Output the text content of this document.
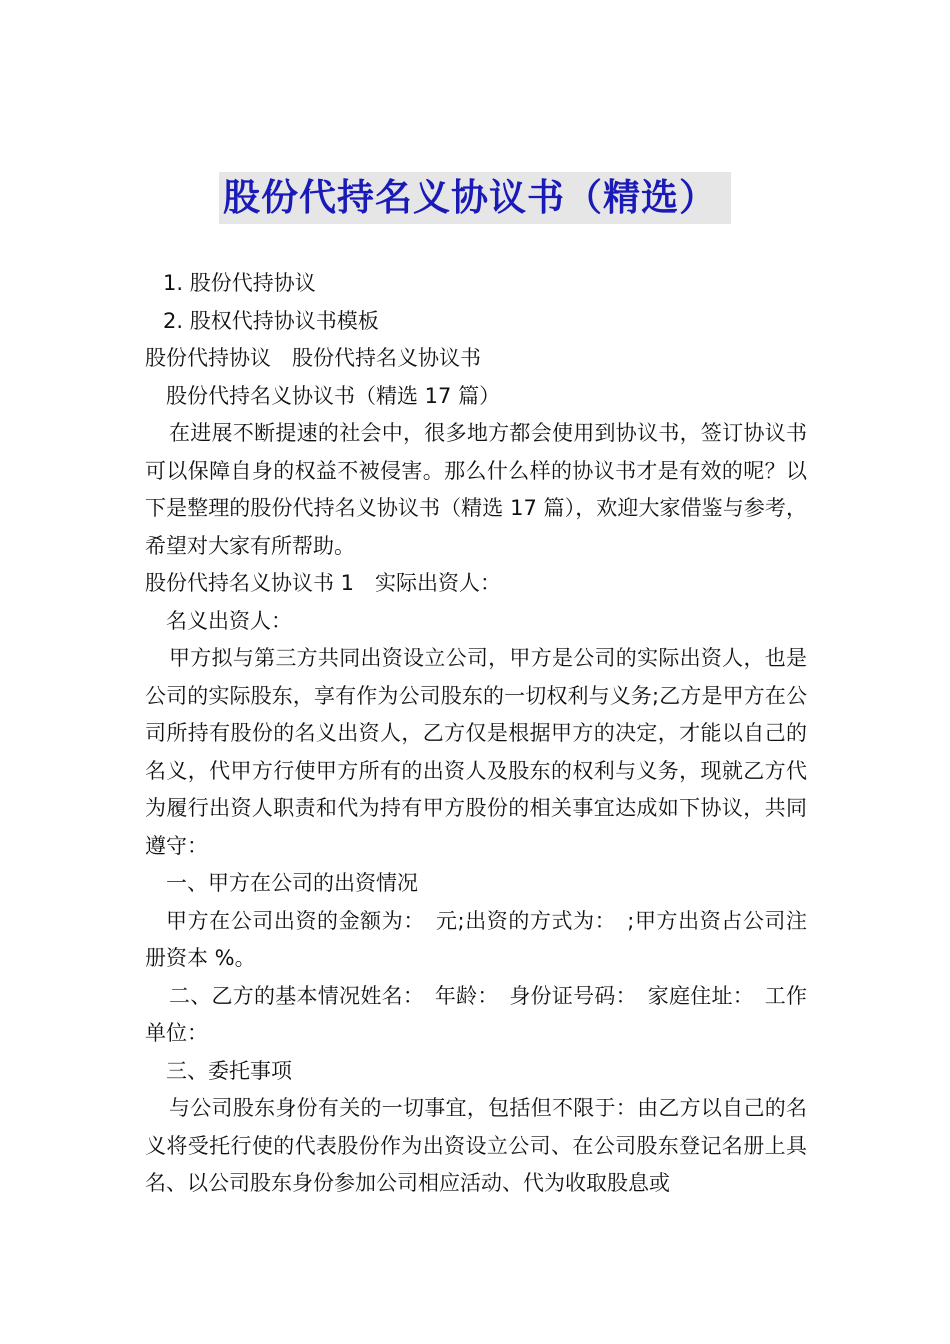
股份代持名义协议书（精选）

1. 股份代持协议

2. 股权代持协议书模板

股份代持协议　股份代持名义协议书

股份代持名义协议书（精选 17 篇）

在进展不断提速的社会中，很多地方都会使用到协议书，签订协议书可以保障自身的权益不被侵害。那么什么样的协议书才是有效的呢？以下是整理的股份代持名义协议书（精选 17 篇），欢迎大家借鉴与参考，希望对大家有所帮助。

股份代持名义协议书 1　实际出资人：

名义出资人：

甲方拟与第三方共同出资设立公司，甲方是公司的实际出资人，也是公司的实际股东，享有作为公司股东的一切权利与义务;乙方是甲方在公司所持有股份的名义出资人，乙方仅是根据甲方的决定，才能以自己的名义，代甲方行使甲方所有的出资人及股东的权利与义务，现就乙方代为履行出资人职责和代为持有甲方股份的相关事宜达成如下协议，共同遵守：

一、甲方在公司的出资情况

甲方在公司出资的金额为：　元;出资的方式为：　;甲方出资占公司注册资本 %。

二、乙方的基本情况姓名：　年龄：　身份证号码：　家庭住址：　工作单位：

三、委托事项

与公司股东身份有关的一切事宜，包括但不限于：由乙方以自己的名义将受托行使的代表股份作为出资设立公司、在公司股东登记名册上具名、以公司股东身份参加公司相应活动、代为收取股息或
